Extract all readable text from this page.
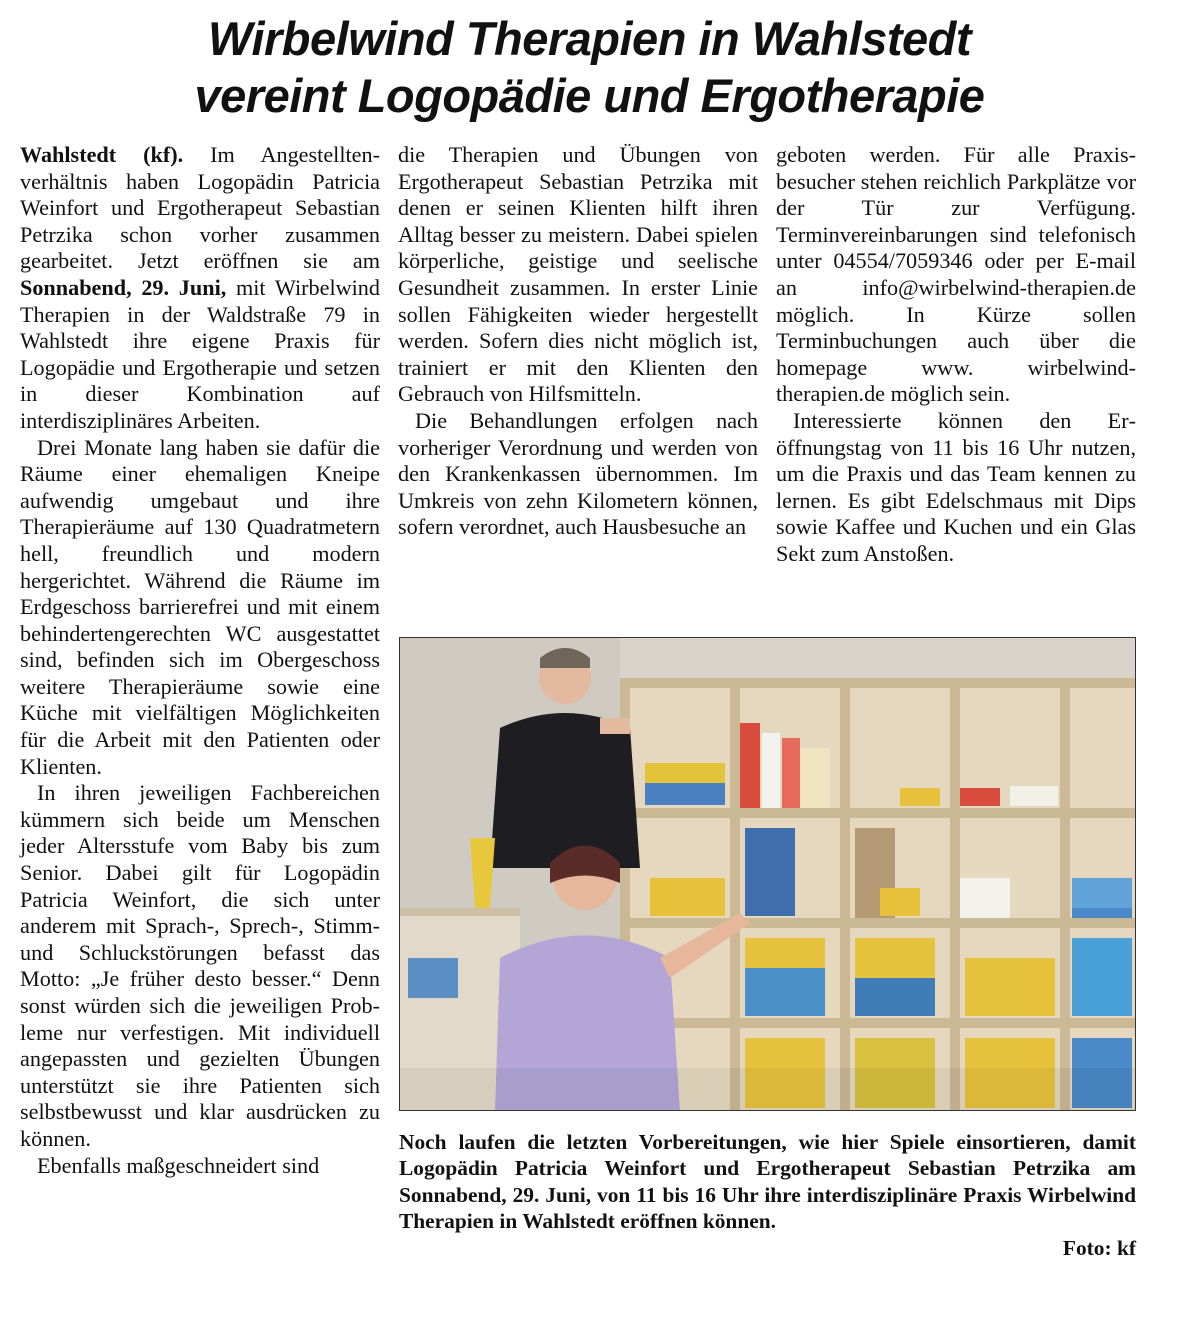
Wirbelwind Therapien in Wahlstedt
vereint Logopädie und Ergotherapie

Wahlstedt (kf). Im Angestelltenverhältnis haben Logopädin Patricia Weinfort und Ergotherapeut Sebastian Petrzika schon vorher zusammen gearbeitet. Jetzt eröffnen sie am Sonnabend, 29. Juni, mit Wirbelwind Therapien in der Waldstraße 79 in Wahlstedt ihre eigene Praxis für Logopädie und Ergotherapie und setzen in dieser Kombination auf interdisziplinäres Arbeiten.

Drei Monate lang haben sie dafür die Räume einer ehemaligen Kneipe aufwendig umgebaut und ihre Therapieräume auf 130 Quadratmetern hell, freundlich und modern hergerichtet. Während die Räume im Erdgeschoss barrierefrei und mit einem behindertengerechten WC ausgestattet sind, befinden sich im Obergeschoss weitere Therapieräume sowie eine Küche mit vielfältigen Möglichkeiten für die Arbeit mit den Patienten oder Klienten.

In ihren jeweiligen Fachbereichen kümmern sich beide um Menschen jeder Altersstufe vom Baby bis zum Senior. Dabei gilt für Logopädin Patricia Weinfort, die sich unter anderem mit Sprach-, Sprech-, Stimm- und Schluckstörungen befasst das Motto: „Je früher desto besser.“ Denn sonst würden sich die jeweiligen Probleme nur verfestigen. Mit individuell angepassten und gezielten Übungen unterstützt sie ihre Patienten sich selbstbewusst und klar ausdrücken zu können.

Ebenfalls maßgeschneidert sind

die Therapien und Übungen von Ergotherapeut Sebastian Petrzika mit denen er seinen Klienten hilft ihren Alltag besser zu meistern. Dabei spielen körperliche, geistige und seelische Gesundheit zusammen. In erster Linie sollen Fähigkeiten wieder hergestellt werden. Sofern dies nicht möglich ist, trainiert er mit den Klienten den Gebrauch von Hilfsmitteln.

Die Behandlungen erfolgen nach vorheriger Verordnung und werden von den Krankenkassen übernommen. Im Umkreis von zehn Kilometern können, sofern verordnet, auch Hausbesuche an

geboten werden. Für alle Praxisbesucher stehen reichlich Parkplätze vor der Tür zur Verfügung. Terminvereinbarungen sind telefonisch unter 04554/7059346 oder per E-mail an info@wirbelwind-therapien.de möglich. In Kürze sollen Terminbuchungen auch über die homepage www. wirbelwind-therapien.de möglich sein.

Interessierte können den Eröffnungstag von 11 bis 16 Uhr nutzen, um die Praxis und das Team kennen zu lernen. Es gibt Edelschmaus mit Dips sowie Kaffee und Kuchen und ein Glas Sekt zum Anstoßen.

Noch laufen die letzten Vorbereitungen, wie hier Spiele einsortieren, damit Logopädin Patricia Weinfort und Ergotherapeut Sebastian Petrzika am Sonnabend, 29. Juni, von 11 bis 16 Uhr ihre interdisziplinäre Praxis Wirbelwind Therapien in Wahlstedt eröffnen können.
Foto: kf
